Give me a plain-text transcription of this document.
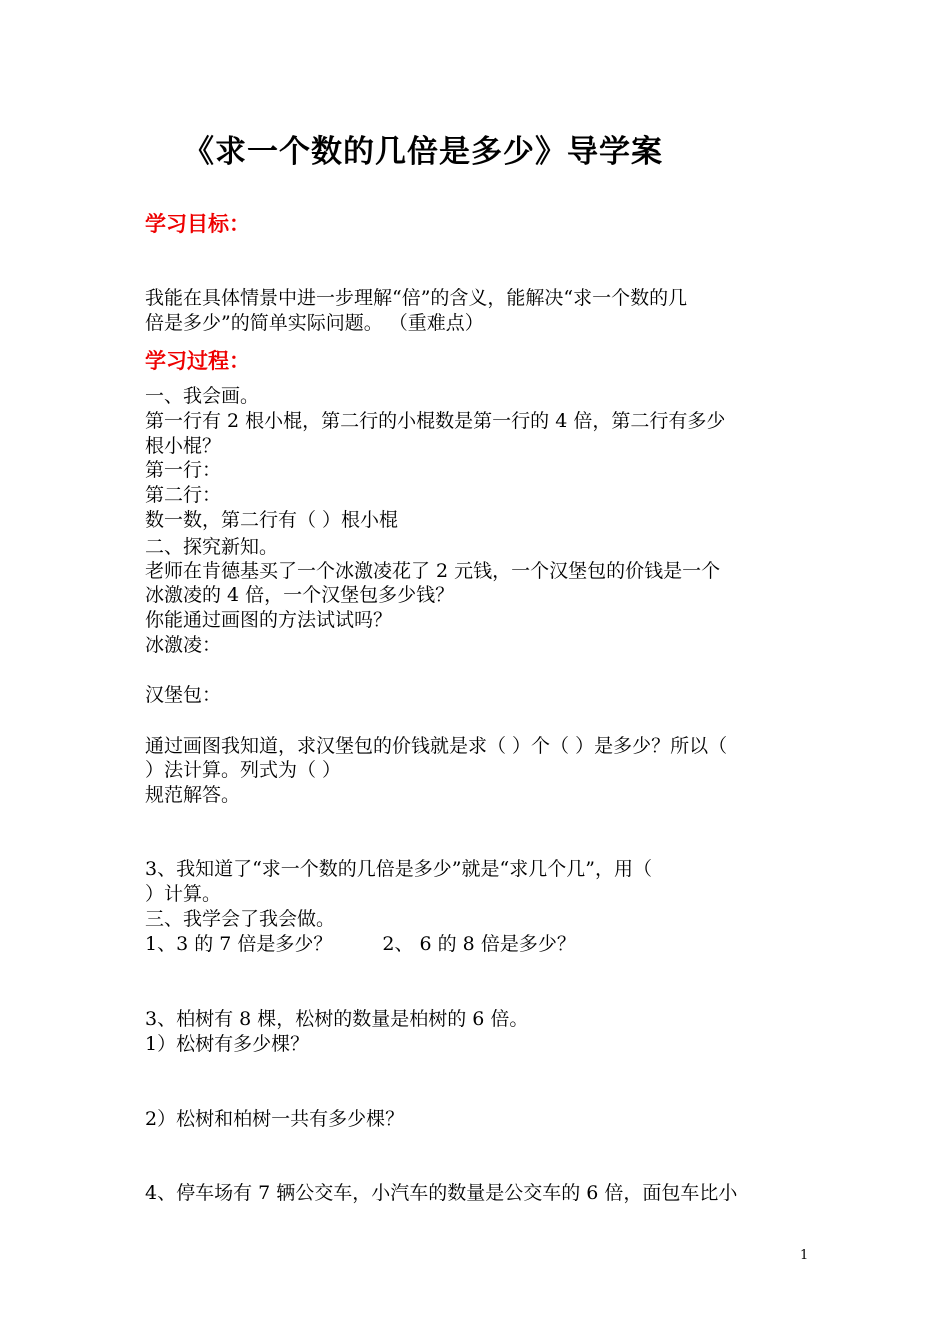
《求一个数的几倍是多少》导学案
学习目标：
我能在具体情景中进一步理解“倍”的含义，能解决“求一个数的几
倍是多少”的简单实际问题。 （重难点）
学习过程：
一、我会画。
第一行有 2 根小棍，第二行的小棍数是第一行的 4 倍，第二行有多少
根小棍？
第一行：
第二行：
数一数，第二行有（ ）根小棍
二、探究新知。
老师在肯德基买了一个冰激凌花了 2 元钱，一个汉堡包的价钱是一个
冰激凌的 4 倍，一个汉堡包多少钱？
你能通过画图的方法试试吗？
冰激凌：
汉堡包：
通过画图我知道，求汉堡包的价钱就是求（ ）个（ ）是多少？所以（
）法计算。列式为（ ）
规范解答。
3、我知道了“求一个数的几倍是多少”就是“求几个几”，用（
）计算。
三、我学会了我会做。
1、3 的 7 倍是多少？	2、 6 的 8 倍是多少？
3、柏树有 8 棵，松树的数量是柏树的 6 倍。
1）松树有多少棵？
2）松树和柏树一共有多少棵？
4、停车场有 7 辆公交车，小汽车的数量是公交车的 6 倍，面包车比小
1
